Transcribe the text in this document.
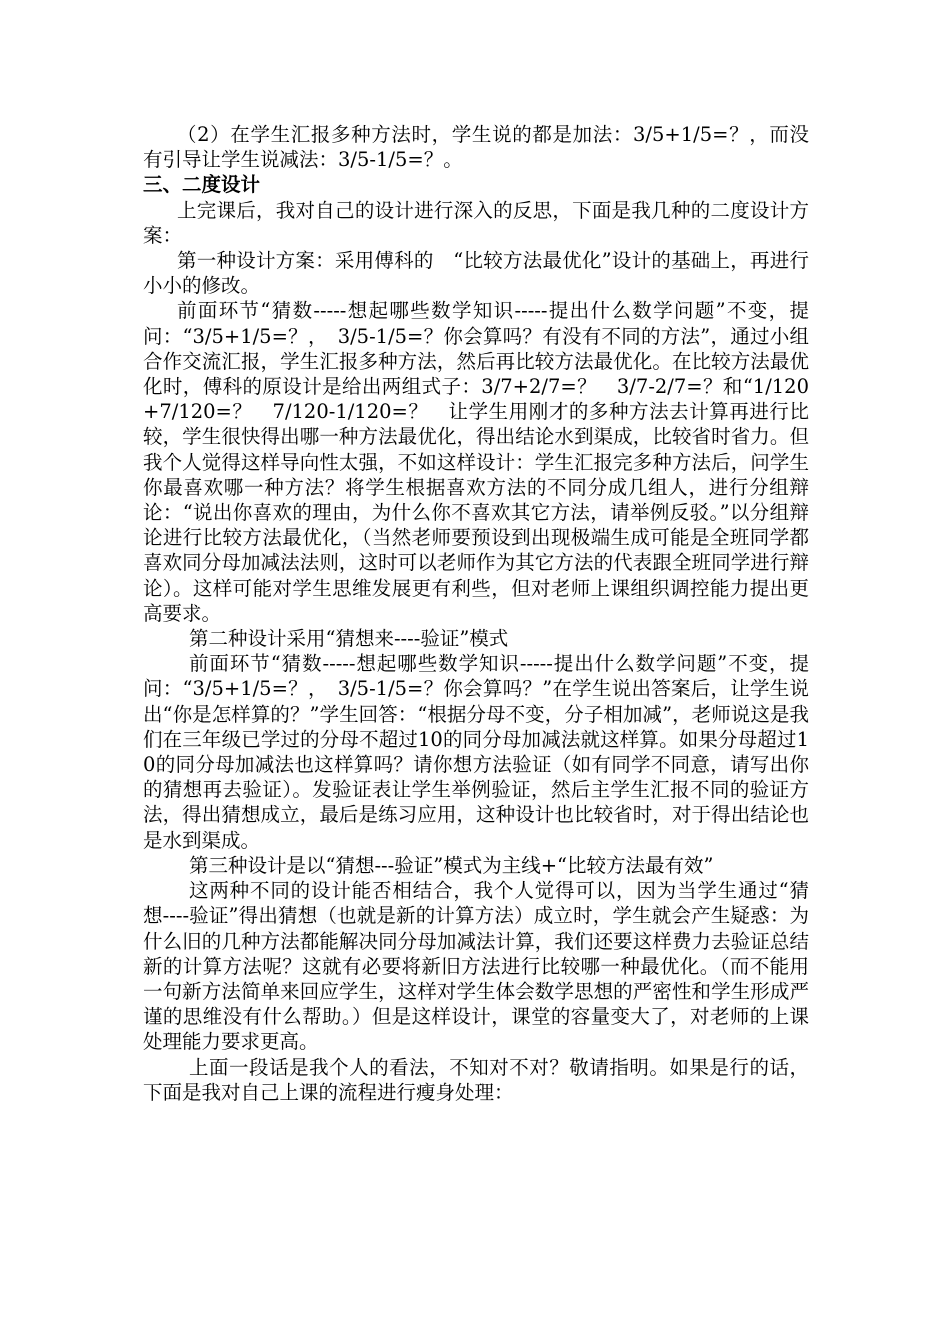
（2）在学生汇报多种方法时，学生说的都是加法：3/5+1/5=？，而没有引导让学生说减法：3/5-1/5=？。

三、二度设计

上完课后，我对自己的设计进行深入的反思，下面是我几种的二度设计方案：

第一种设计方案：采用傅科的　“比较方法最优化”设计的基础上，再进行小小的修改。

前面环节“猜数-----想起哪些数学知识-----提出什么数学问题”不变，提问：“3/5+1/5=？，　3/5-1/5=？你会算吗？有没有不同的方法”，通过小组合作交流汇报，学生汇报多种方法，然后再比较方法最优化。在比较方法最优化时，傅科的原设计是给出两组式子：3/7+2/7=？　3/7-2/7=？和“1/120+7/120=？　7/120-1/120=？　让学生用刚才的多种方法去计算再进行比较，学生很快得出哪一种方法最优化，得出结论水到渠成，比较省时省力。但我个人觉得这样导向性太强，不如这样设计：学生汇报完多种方法后，问学生你最喜欢哪一种方法？将学生根据喜欢方法的不同分成几组人，进行分组辩论：“说出你喜欢的理由，为什么你不喜欢其它方法，请举例反驳。”以分组辩论进行比较方法最优化，（当然老师要预设到出现极端生成可能是全班同学都喜欢同分母加减法法则，这时可以老师作为其它方法的代表跟全班同学进行辩论）。这样可能对学生思维发展更有利些，但对老师上课组织调控能力提出更高要求。

第二种设计采用“猜想来----验证”模式

前面环节“猜数-----想起哪些数学知识-----提出什么数学问题”不变，提问：“3/5+1/5=？，　3/5-1/5=？你会算吗？”在学生说出答案后，让学生说出“你是怎样算的？”学生回答：“根据分母不变，分子相加减”，老师说这是我们在三年级已学过的分母不超过10的同分母加减法就这样算。如果分母超过10的同分母加减法也这样算吗？请你想方法验证（如有同学不同意，请写出你的猜想再去验证）。发验证表让学生举例验证，然后主学生汇报不同的验证方法，得出猜想成立，最后是练习应用，这种设计也比较省时，对于得出结论也是水到渠成。

第三种设计是以“猜想---验证”模式为主线+“比较方法最有效”

这两种不同的设计能否相结合，我个人觉得可以，因为当学生通过“猜想----验证”得出猜想（也就是新的计算方法）成立时，学生就会产生疑惑：为什么旧的几种方法都能解决同分母加减法计算，我们还要这样费力去验证总结新的计算方法呢？这就有必要将新旧方法进行比较哪一种最优化。（而不能用一句新方法简单来回应学生，这样对学生体会数学思想的严密性和学生形成严谨的思维没有什么帮助。）但是这样设计，课堂的容量变大了，对老师的上课处理能力要求更高。

上面一段话是我个人的看法，不知对不对？敬请指明。如果是行的话，下面是我对自己上课的流程进行瘦身处理：
